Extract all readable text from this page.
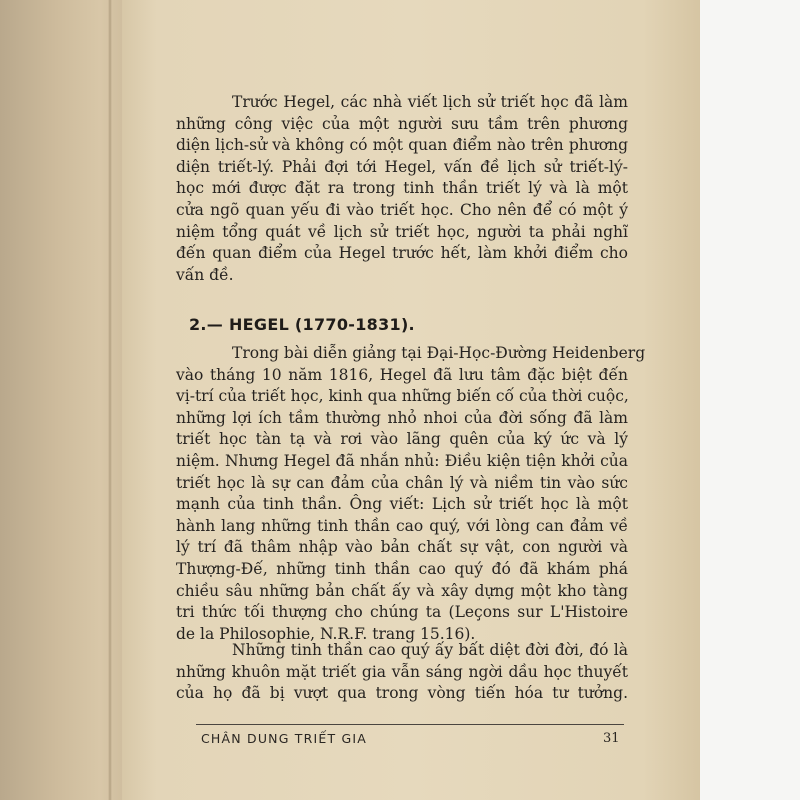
Trước Hegel, các nhà viết lịch sử triết học đã làm
những công việc của một người sưu tầm trên phương
diện lịch-sử và không có một quan điểm nào trên phương
diện triết-lý. Phải đợi tới Hegel, vấn đề lịch sử triết-lý-
học mới được đặt ra trong tinh thần triết lý và là một
cửa ngõ quan yếu đi vào triết học. Cho nên để có một ý
niệm tổng quát về lịch sử triết học, người ta phải nghĩ
đến quan điểm của Hegel trước hết, làm khởi điểm cho
vấn đề.
2.— HEGEL (1770-1831).
Trong bài diễn giảng tại Đại-Học-Đường Heidenberg
vào tháng 10 năm 1816, Hegel đã lưu tâm đặc biệt đến
vị-trí của triết học, kinh qua những biến cố của thời cuộc,
những lợi ích tầm thường nhỏ nhoi của đời sống đã làm
triết học tàn tạ và rơi vào lãng quên của ký ức và lý
niệm. Nhưng Hegel đã nhắn nhủ: Điều kiện tiện khởi của
triết học là sự can đảm của chân lý và niềm tin vào sức
mạnh của tinh thần. Ông viết: Lịch sử triết học là một
hành lang những tinh thần cao quý, với lòng can đảm về
lý trí đã thâm nhập vào bản chất sự vật, con người và
Thượng-Đế, những tinh thần cao quý đó đã khám phá
chiều sâu những bản chất ấy và xây dựng một kho tàng
tri thức tối thượng cho chúng ta (Leçons sur L'Histoire
de la Philosophie, N.R.F. trang 15.16).
Những tinh thần cao quý ấy bất diệt đời đời, đó là
những khuôn mặt triết gia vẫn sáng ngời dầu học thuyết
của họ đã bị vượt qua trong vòng tiến hóa tư tưởng.
CHÂN DUNG TRIẾT GIA	31
